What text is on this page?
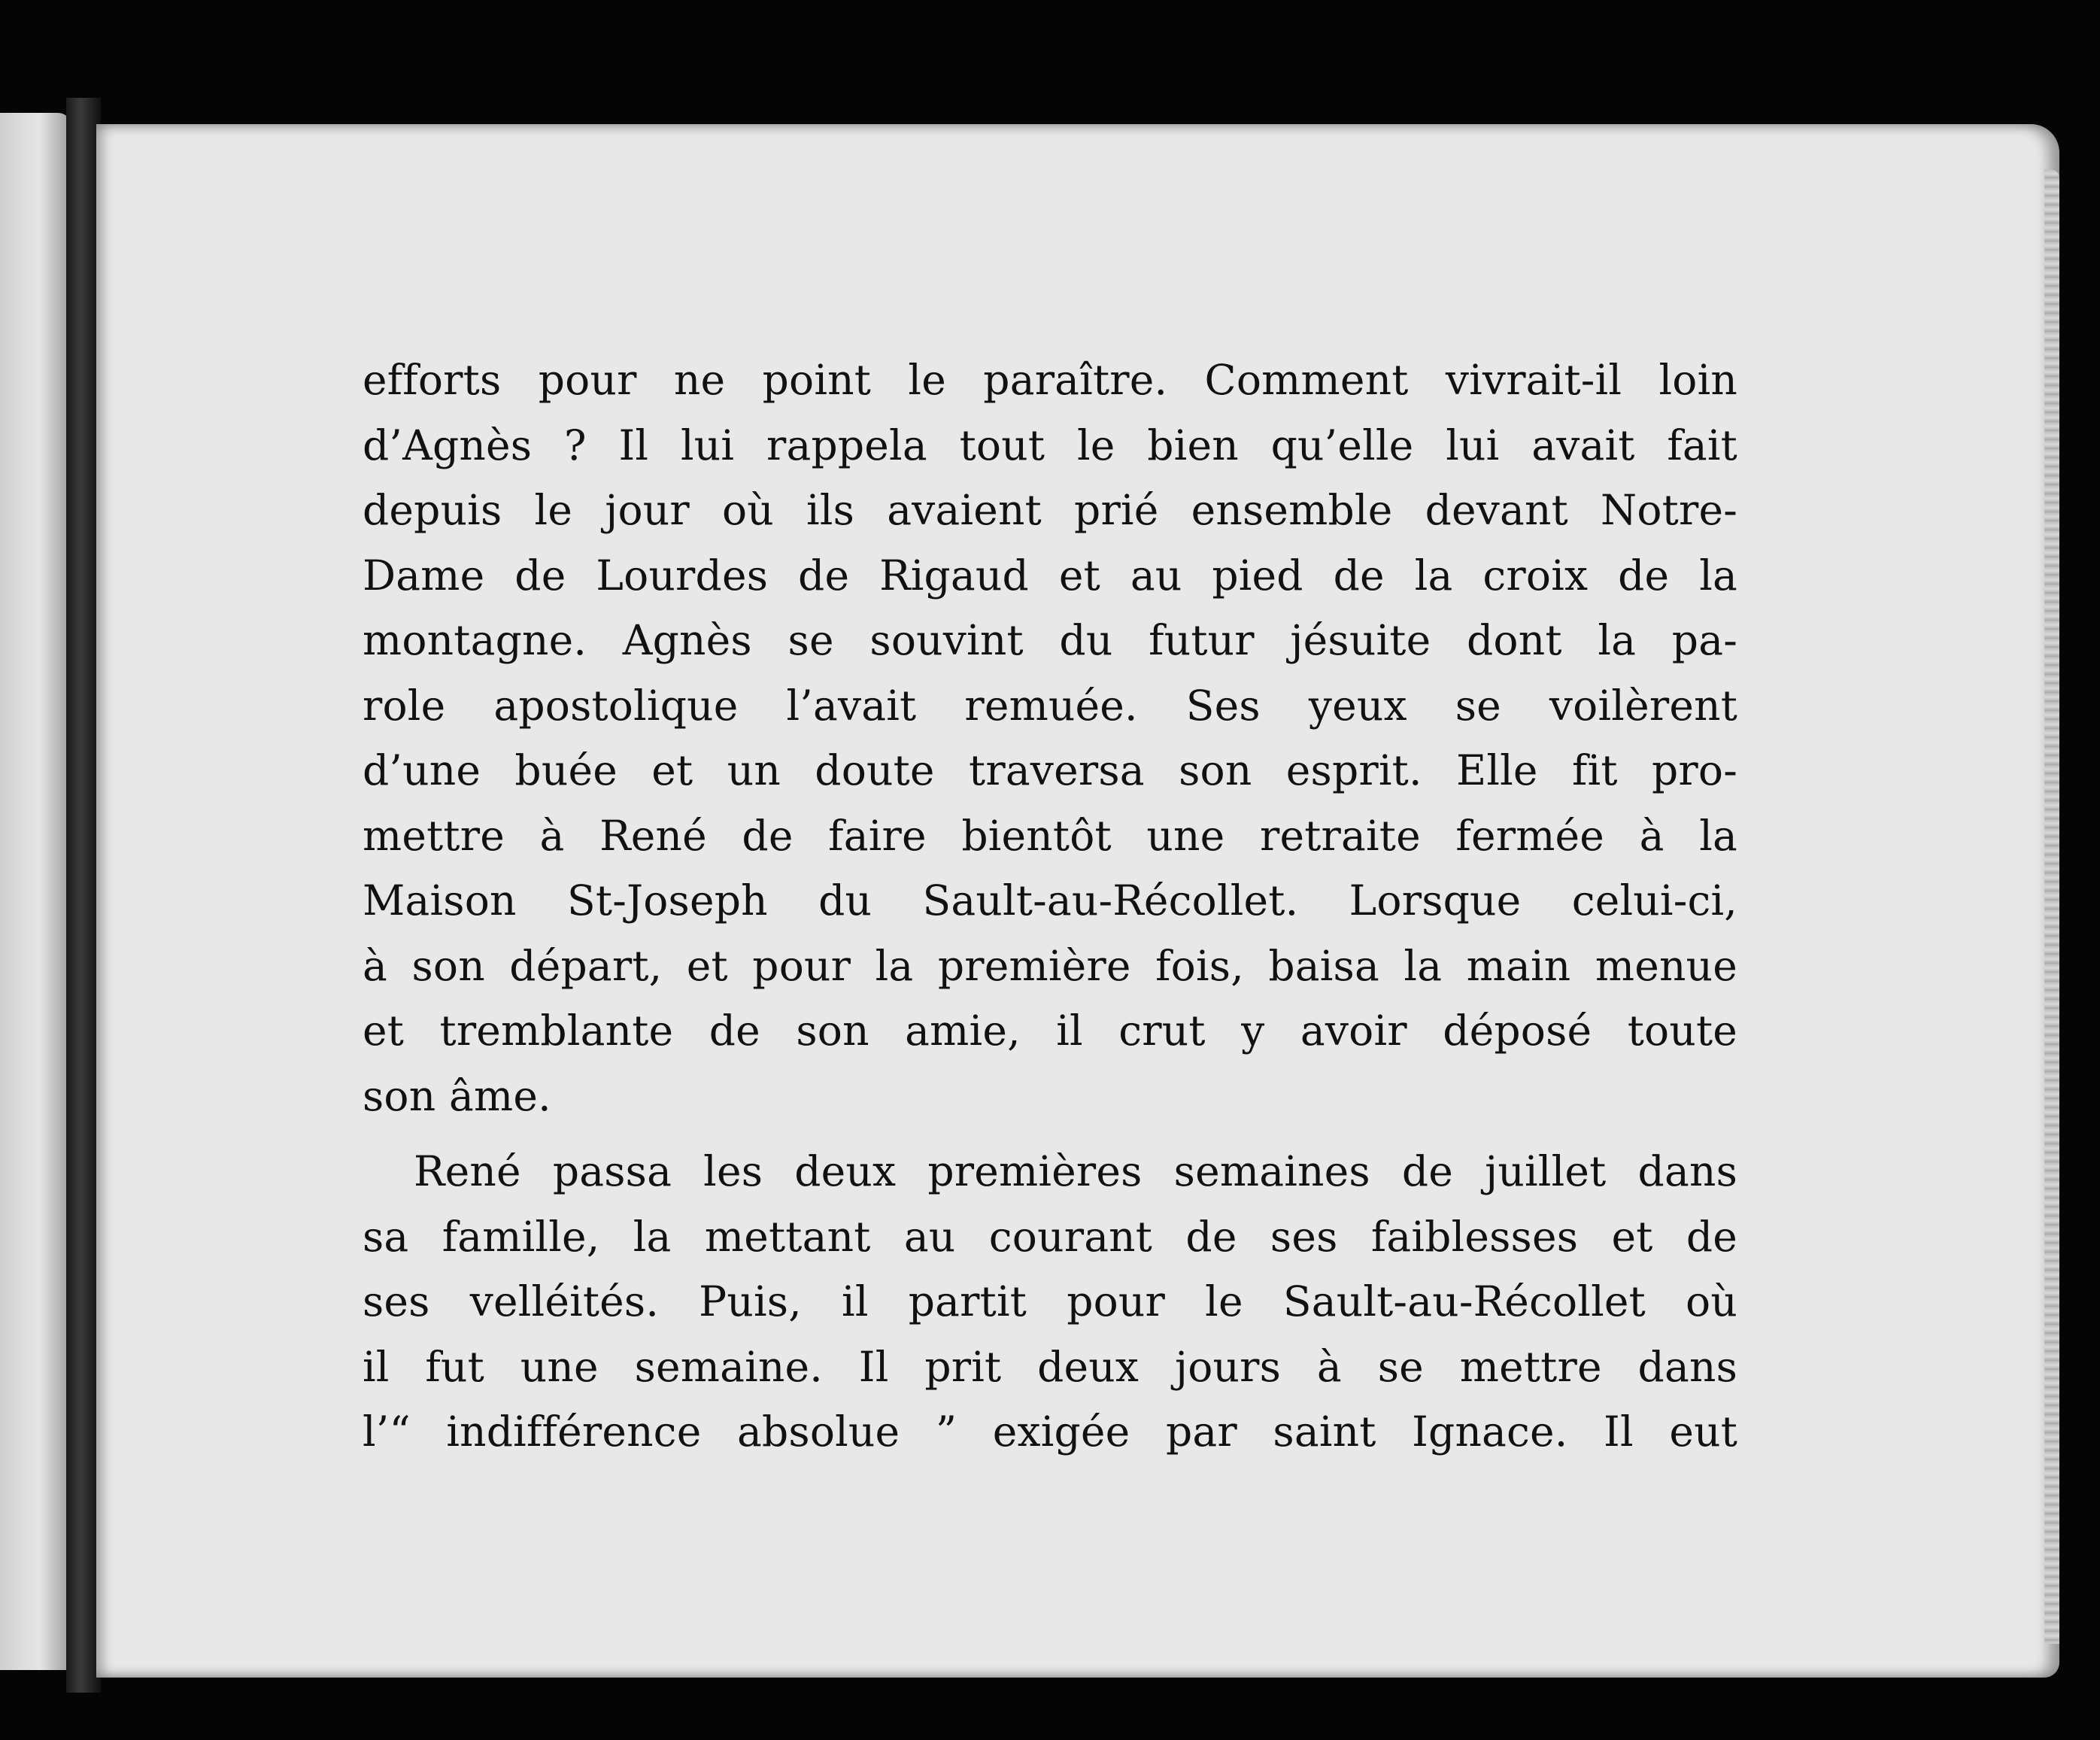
efforts pour ne point le paraître. Comment vivrait-il loin
d’Agnès ? Il lui rappela tout le bien qu’elle lui avait fait
depuis le jour où ils avaient prié ensemble devant Notre-
Dame de Lourdes de Rigaud et au pied de la croix de la
montagne. Agnès se souvint du futur jésuite dont la pa-
role apostolique l’avait remuée. Ses yeux se voilèrent
d’une buée et un doute traversa son esprit. Elle fit pro-
mettre à René de faire bientôt une retraite fermée à la
Maison St-Joseph du Sault-au-Récollet. Lorsque celui-ci,
à son départ, et pour la première fois, baisa la main menue
et tremblante de son amie, il crut y avoir déposé toute
son âme.
René passa les deux premières semaines de juillet dans
sa famille, la mettant au courant de ses faiblesses et de
ses velléités. Puis, il partit pour le Sault-au-Récollet où
il fut une semaine. Il prit deux jours à se mettre dans
l’“ indifférence absolue ” exigée par saint Ignace. Il eut
